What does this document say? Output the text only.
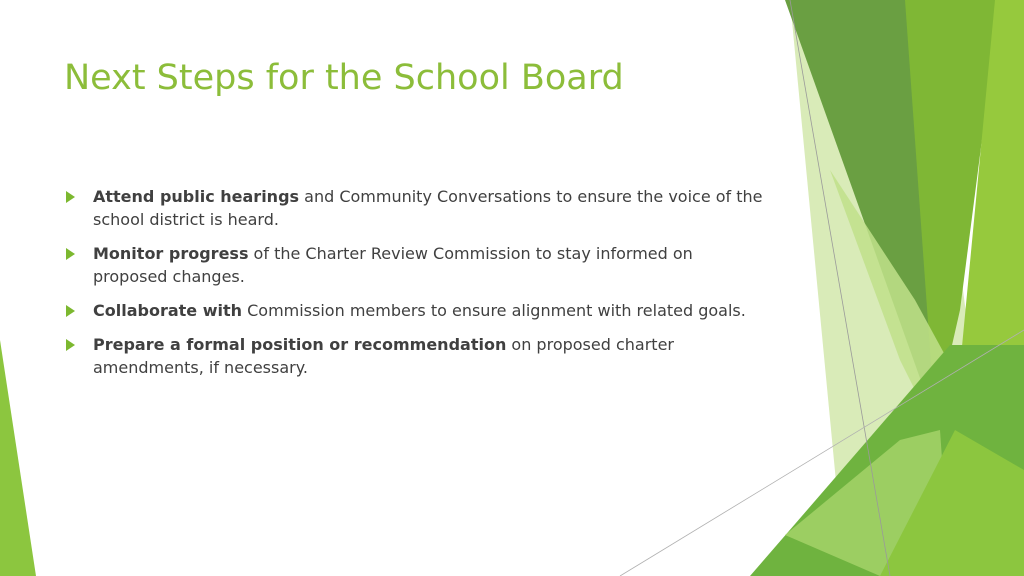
Next Steps for the School Board
Attend public hearings and Community Conversations to ensure the voice of the school district is heard.
Monitor progress of the Charter Review Commission to stay informed on proposed changes.
Collaborate with Commission members to ensure alignment with related goals.
Prepare a formal position or recommendation on proposed charter amendments, if necessary.
